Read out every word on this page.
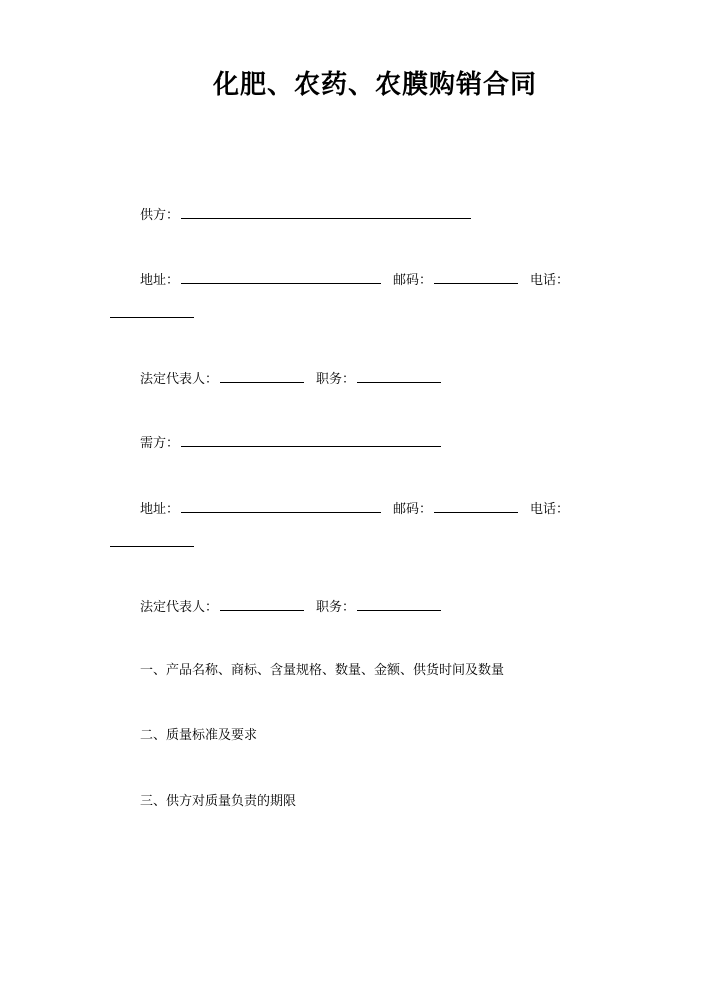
化肥、农药、农膜购销合同
供方：
地址：	邮码：	电话：
法定代表人：	职务：
需方：
地址：	邮码：	电话：
法定代表人：	职务：
一、产品名称、商标、含量规格、数量、金额、供货时间及数量
二、质量标准及要求
三、供方对质量负责的期限
